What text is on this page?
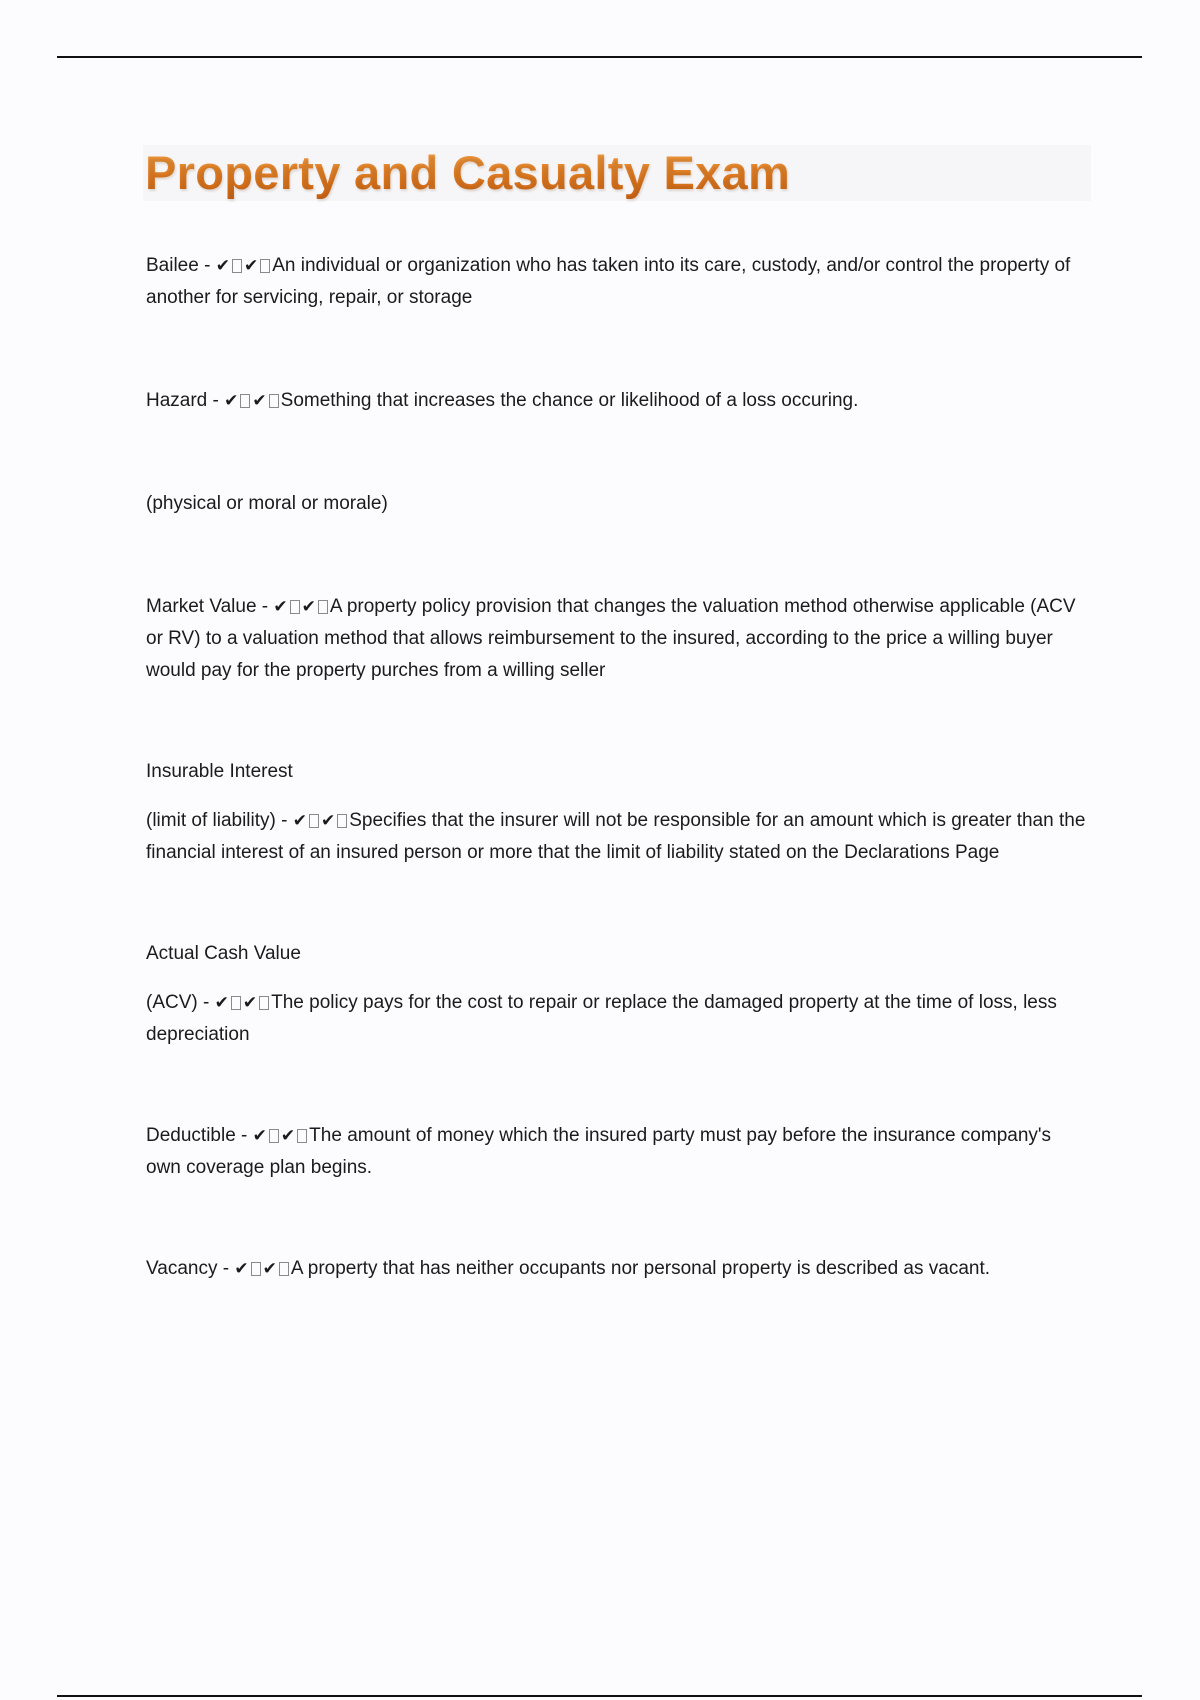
Property and Casualty Exam

Bailee - ✔ ✔ An individual or organization who has taken into its care, custody, and/or control the property of another for servicing, repair, or storage

Hazard - ✔ ✔ Something that increases the chance or likelihood of a loss occuring.

(physical or moral or morale)

Market Value - ✔ ✔ A property policy provision that changes the valuation method otherwise applicable (ACV or RV) to a valuation method that allows reimbursement to the insured, according to the price a willing buyer would pay for the property purches from a willing seller

Insurable Interest

(limit of liability) - ✔ ✔ Specifies that the insurer will not be responsible for an amount which is greater than the financial interest of an insured person or more that the limit of liability stated on the Declarations Page

Actual Cash Value

(ACV) - ✔ ✔ The policy pays for the cost to repair or replace the damaged property at the time of loss, less depreciation

Deductible - ✔ ✔ The amount of money which the insured party must pay before the insurance company's own coverage plan begins.

Vacancy - ✔ ✔ A property that has neither occupants nor personal property is described as vacant.
